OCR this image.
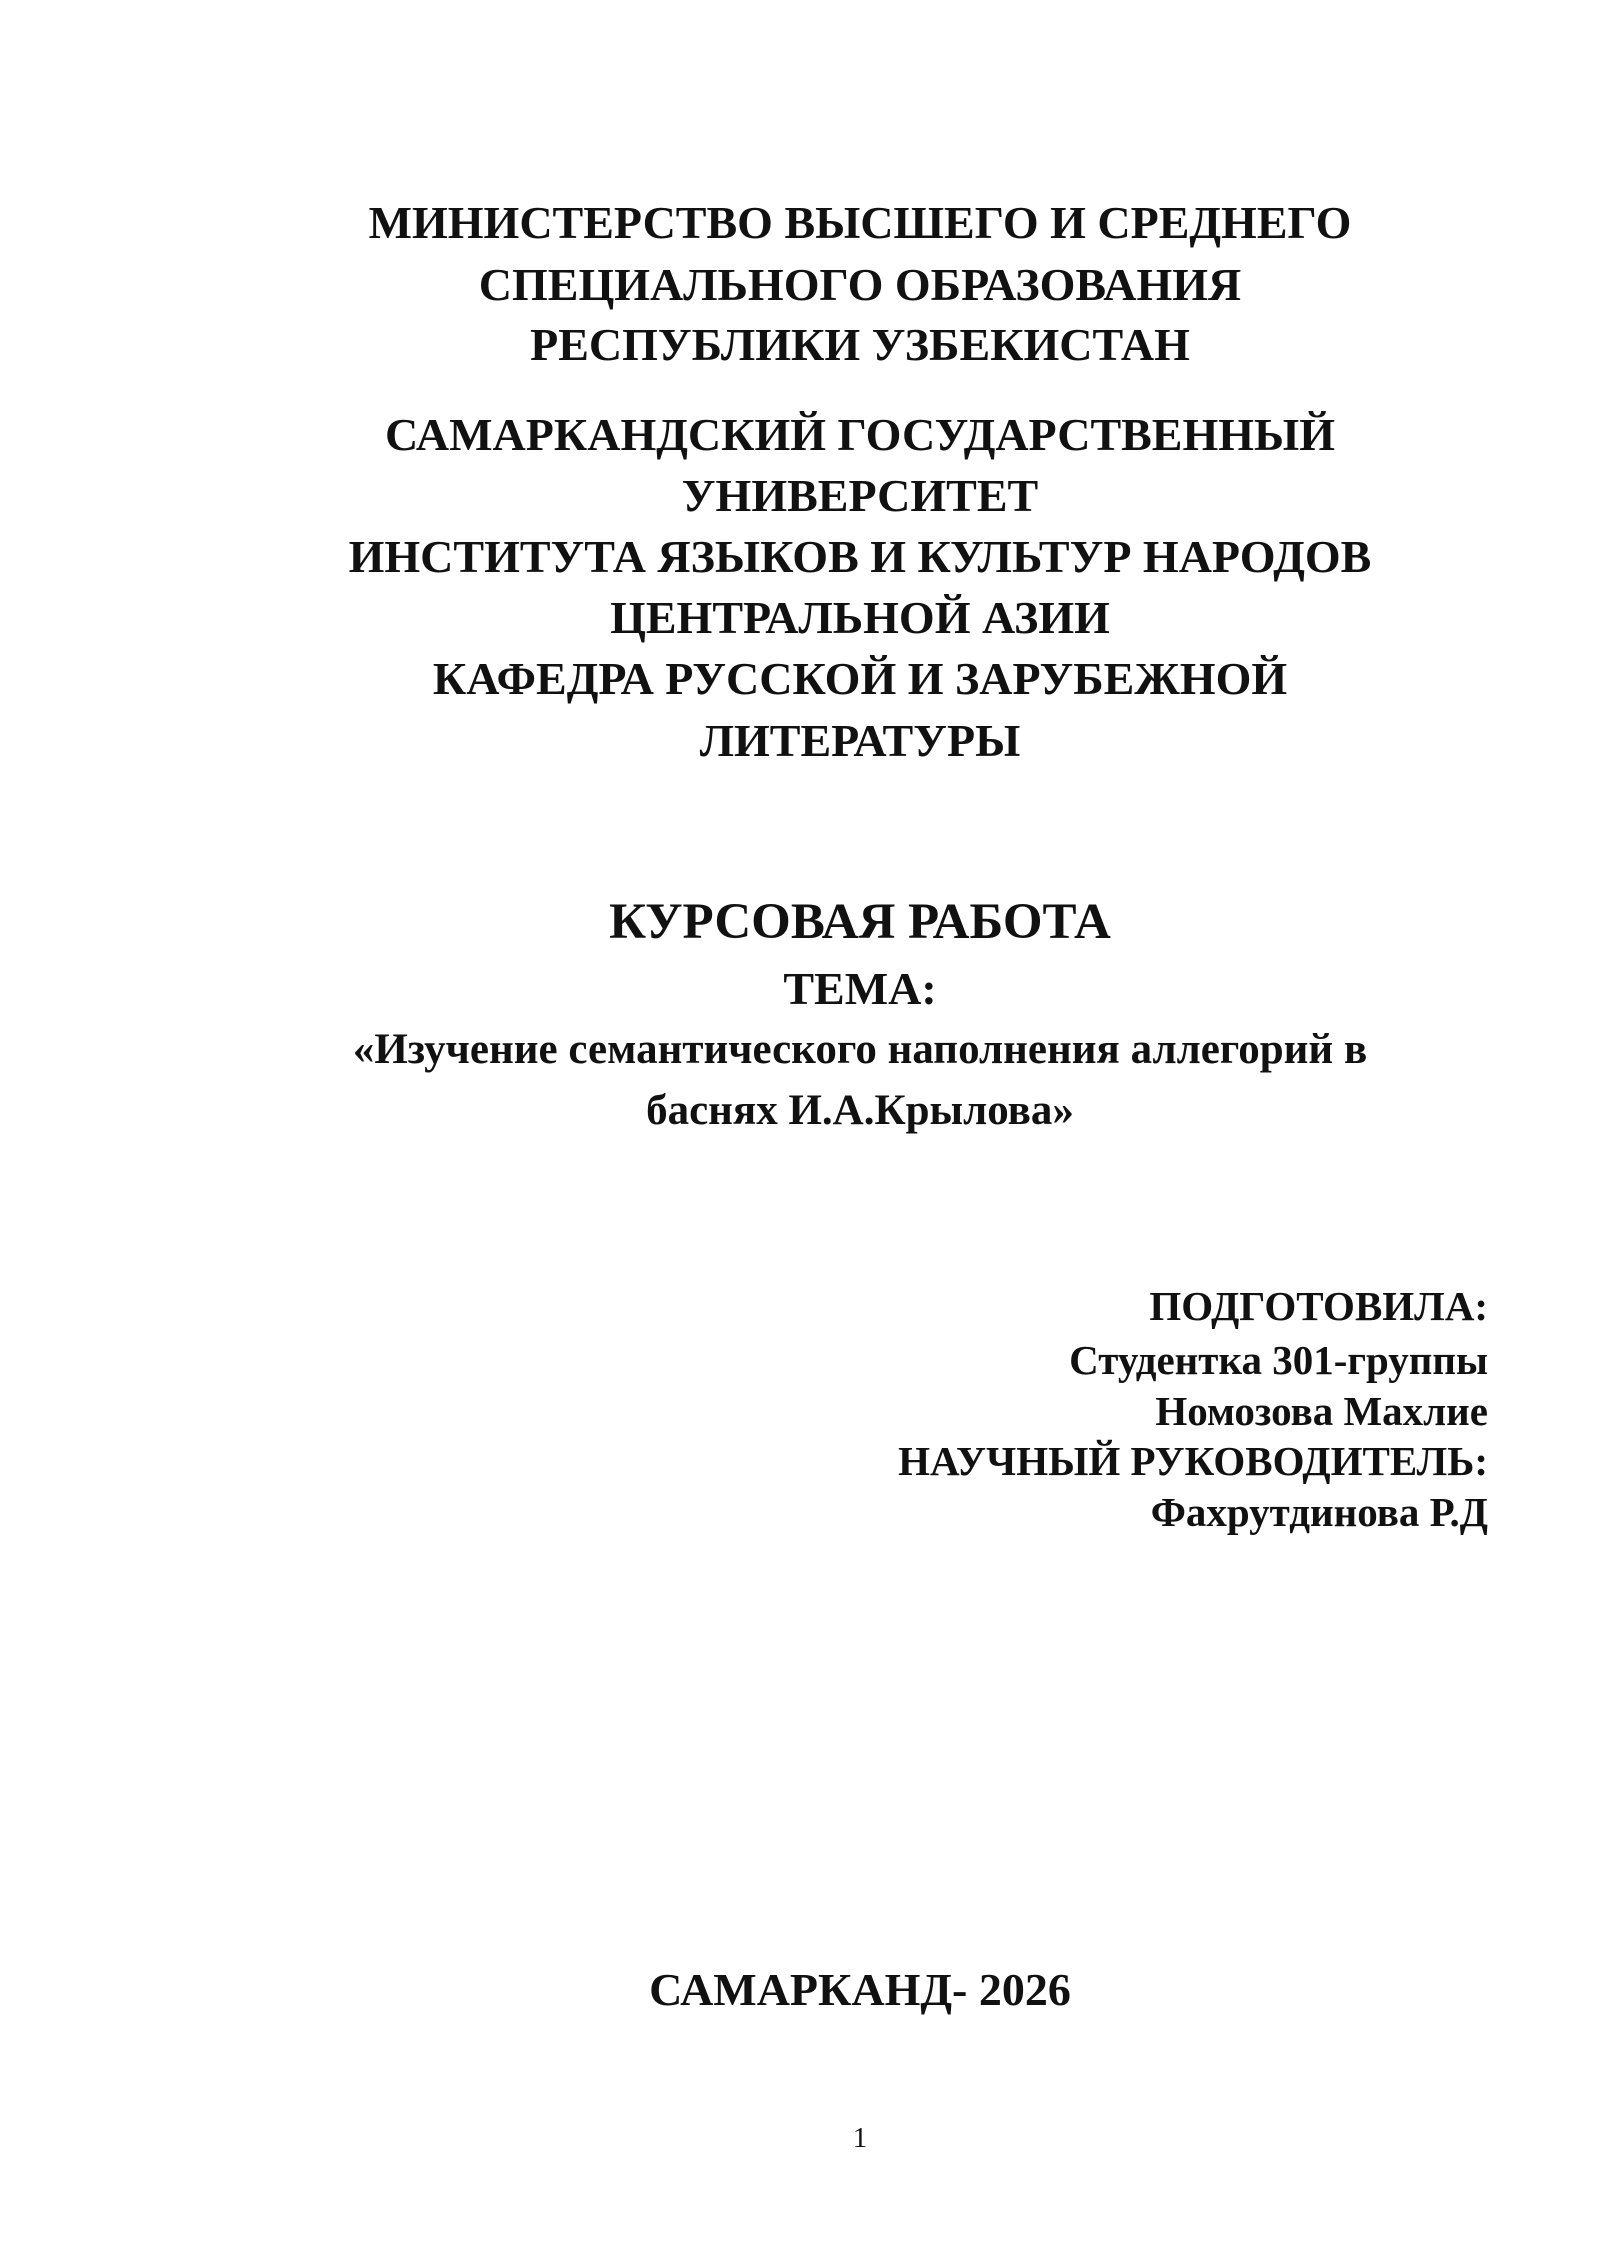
МИНИСТЕРСТВО ВЫСШЕГО И СРЕДНЕГО
СПЕЦИАЛЬНОГО ОБРАЗОВАНИЯ
РЕСПУБЛИКИ УЗБЕКИСТАН
САМАРКАНДСКИЙ ГОСУДАРСТВЕННЫЙ
УНИВЕРСИТЕТ
ИНСТИТУТА ЯЗЫКОВ И КУЛЬТУР НАРОДОВ
ЦЕНТРАЛЬНОЙ АЗИИ
КАФЕДРА РУССКОЙ И ЗАРУБЕЖНОЙ
ЛИТЕРАТУРЫ
КУРСОВАЯ РАБОТА
ТЕМА:
«Изучение семантического наполнения аллегорий в
баснях И.А.Крылова»
ПОДГОТОВИЛА:
Студентка 301-группы
Номозова Махлие
НАУЧНЫЙ РУКОВОДИТЕЛЬ:
Фахрутдинова Р.Д
САМАРКАНД- 2026
1
